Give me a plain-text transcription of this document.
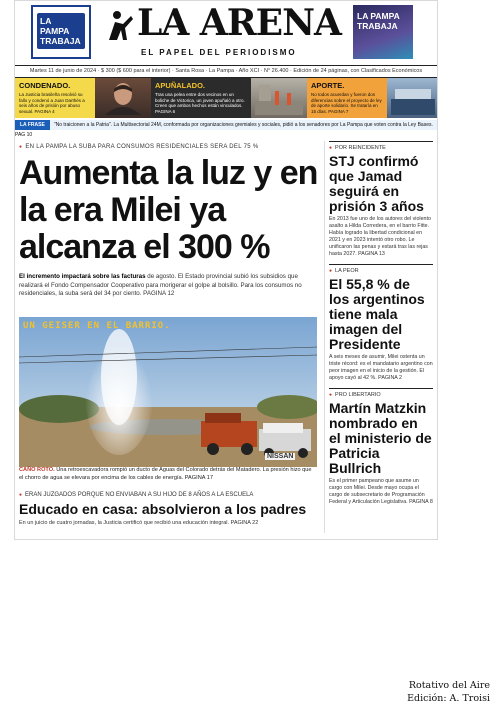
LA PAMPA TRABAJA	LA ARENA
EL PAPEL DEL PERIODISMO
LA PAMPA TRABAJA
Martes 11 de junio de 2024 · $ 300 ($ 600 para el interior) · Santa Rosa · La Pampa · Año XCI · N° 26.400 · Edición de 24 páginas, con Clasificados Económicos
CONDENADO.

La Justicia brasileña resolvió su fallo y condenó a Juan Darthés a seis años de prisión por abuso sexual. PAGINA 4

APUÑALADO.

Tras una pelea entre dos vecinos en un boliche de Victorica, un joven apuñaló a otro. Creen que ambos hechos están vinculados. PAGINA 6

APORTE.

No todos acuerdan y fueron dos diferencias sobre el proyecto de ley de aporte solidario. Se trataría en 15 días. PAGINA 7

LA FRASE "No traicionen a la Patria". La Multisectorial 24M, conformada por organizaciones gremiales y sociales, pidió a los senadores por La Pampa que voten contra la Ley Bases. PAG 10
● EN LA PAMPA LA SUBA PARA CONSUMOS RESIDENCIALES SERA DEL 75 %
Aumenta la luz y en la era Milei ya alcanza el 300 %

El incremento impactará sobre las facturas de agosto. El Estado provincial subió los subsidios que realizará el Fondo Compensador Cooperativo para morigerar el golpe al bolsillo. Para los consumos no residenciales, la suba será del 34 por ciento. PAGINA 12

UN GEISER EN EL BARRIO.
NISSAN
CAÑO ROTO. Una retroexcavadora rompió un ducto de Aguas del Colorado detrás del Matadero. La presión hizo que el chorro de agua se elevara por encima de los cables de energía. PAGINA 17
● ERAN JUZGADOS PORQUE NO ENVIABAN A SU HIJO DE 8 AÑOS A LA ESCUELA
Educado en casa: absolvieron a los padres
En un juicio de cuatro jornadas, la Justicia certificó que recibió una educación integral. PAGINA 22
● POR REINCIDENTE
STJ confirmó que Jamad seguirá en prisión 3 años

En 2013 fue uno de los autores del violento asalto a Hilda Corredera, en el barrio Fitte. Había logrado la libertad condicional en 2021 y en 2023 intentó otro robo. Le unificaron las penas y estará tras las rejas hasta 2027. PAGINA 13

● LA PEOR
El 55,8 % de los argentinos tiene mala imagen del Presidente

A seis meses de asumir, Milei ostenta un triste récord: es el mandatario argentino con peor imagen en el inicio de la gestión. El apoyo cayó al 42 %. PAGINA 2

● PRO LIBERTARIO
Martín Matzkin nombrado en el ministerio de Patricia Bullrich

Es el primer pampeano que asume un cargo con Milei. Desde mayo ocupa el cargo de subsecretario de Programación Federal y Articulación Legislativa. PAGINA 8

Rotativo del Aire
Edición: A. Troisi
